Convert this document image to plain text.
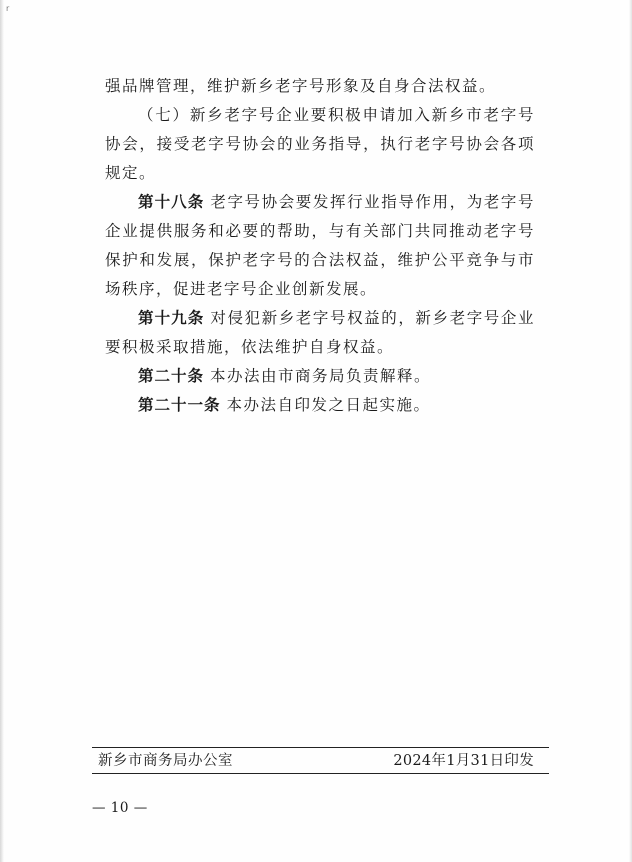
r

强品牌管理，维护新乡老字号形象及自身合法权益。

（七）新乡老字号企业要积极申请加入新乡市老字号协会，接受老字号协会的业务指导，执行老字号协会各项规定。

第十八条 老字号协会要发挥行业指导作用，为老字号企业提供服务和必要的帮助，与有关部门共同推动老字号保护和发展，保护老字号的合法权益，维护公平竞争与市场秩序，促进老字号企业创新发展。

第十九条 对侵犯新乡老字号权益的，新乡老字号企业要积极采取措施，依法维护自身权益。

第二十条 本办法由市商务局负责解释。

第二十一条 本办法自印发之日起实施。

新乡市商务局办公室	2024年1月31日印发
— 10 —
